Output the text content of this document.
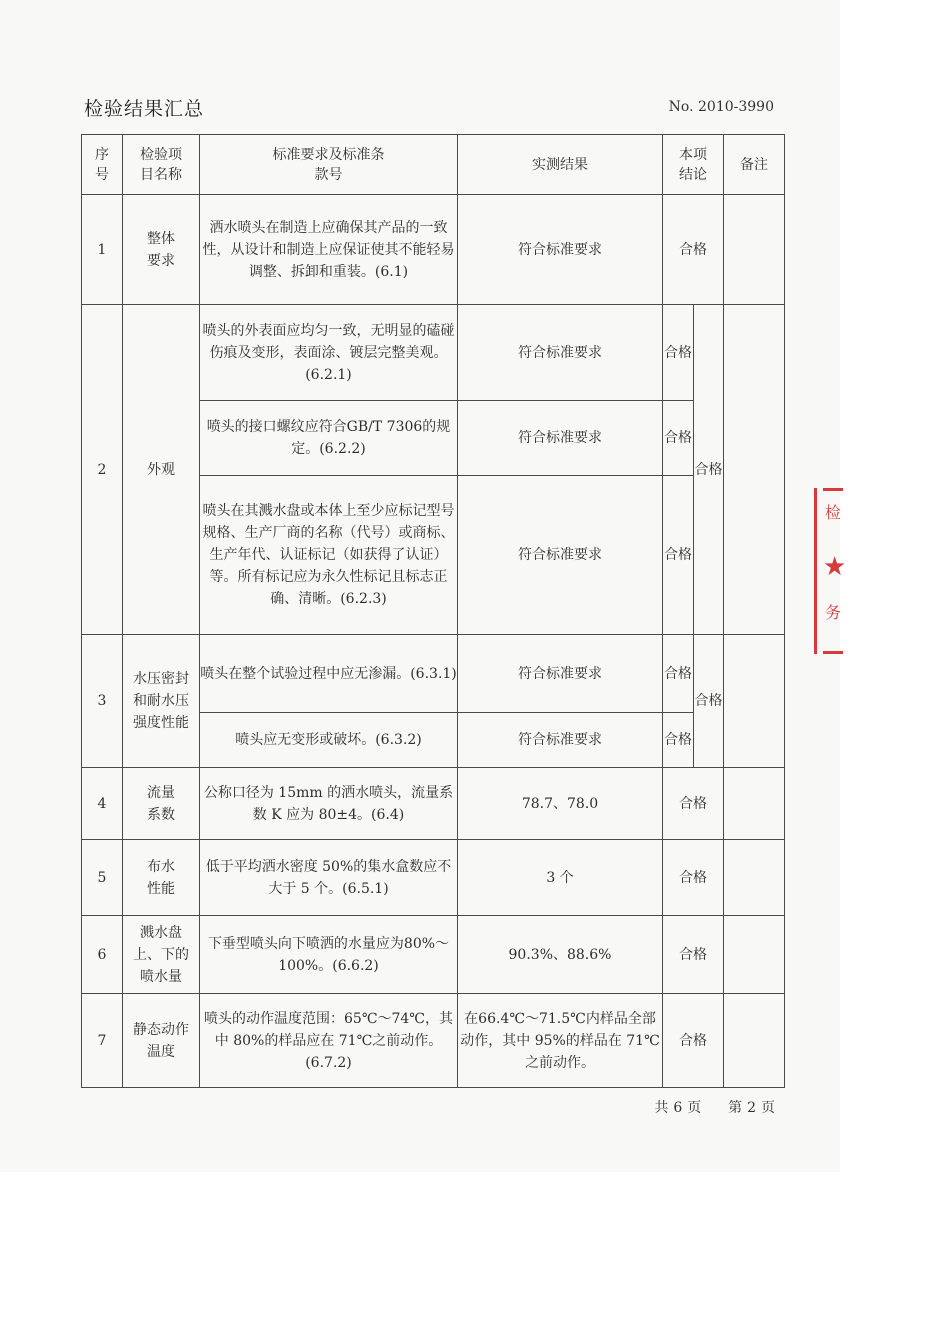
检验结果汇总	No. 2010-3990
序号	检验项目名称	标准要求及标准条款号	实测结果	本项结论		备注
1	整体要求	洒水喷头在制造上应确保其产品的一致性，从设计和制造上应保证使其不能轻易调整、拆卸和重装。(6.1)	符合标准要求	合格		
2	外观	喷头的外表面应均匀一致，无明显的磕碰伤痕及变形，表面涂、镀层完整美观。(6.2.1)	符合标准要求	合格	合格	
		喷头的接口螺纹应符合GB/T 7306的规定。(6.2.2)	符合标准要求	合格		
		喷头在其溅水盘或本体上至少应标记型号规格、生产厂商的名称（代号）或商标、生产年代、认证标记（如获得了认证）等。所有标记应为永久性标记且标志正确、清晰。(6.2.3)	符合标准要求	合格		
3	水压密封和耐水压强度性能	喷头在整个试验过程中应无渗漏。(6.3.1)	符合标准要求	合格	合格	
		喷头应无变形或破坏。(6.3.2)	符合标准要求	合格		
4	流量系数	公称口径为 15mm 的洒水喷头，流量系数 K 应为 80±4。(6.4)	78.7、78.0	合格		
5	布水性能	低于平均洒水密度 50%的集水盒数应不大于 5 个。(6.5.1)	3 个	合格		
6	溅水盘上、下的喷水量	下垂型喷头向下喷洒的水量应为80%～100%。(6.6.2)	90.3%、88.6%	合格		
7	静态动作温度	喷头的动作温度范围：65℃～74℃，其中 80%的样品应在 71℃之前动作。(6.7.2)	在66.4℃～71.5℃内样品全部动作，其中 95%的样品在 71℃之前动作。	合格		
共 6 页 第 2 页
检
★
务
